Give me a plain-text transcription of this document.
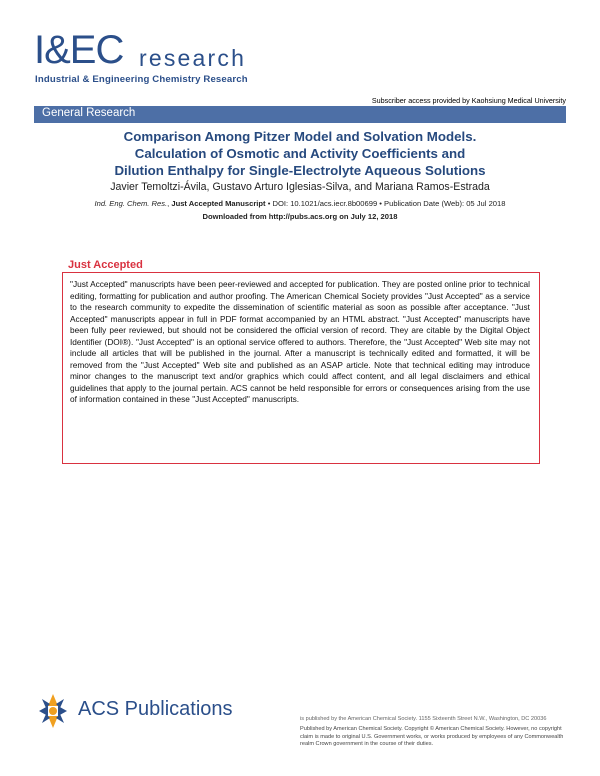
I&EC research
Industrial & Engineering Chemistry Research
Subscriber access provided by Kaohsiung Medical University
General Research
Comparison Among Pitzer Model and Solvation Models.
Calculation of Osmotic and Activity Coefficients and
Dilution Enthalpy for Single-Electrolyte Aqueous Solutions
Javier Temoltzi-Ávila, Gustavo Arturo Iglesias-Silva, and Mariana Ramos-Estrada
Ind. Eng. Chem. Res., Just Accepted Manuscript • DOI: 10.1021/acs.iecr.8b00699 • Publication Date (Web): 05 Jul 2018
Downloaded from http://pubs.acs.org on July 12, 2018
Just Accepted
"Just Accepted" manuscripts have been peer-reviewed and accepted for publication. They are posted online prior to technical editing, formatting for publication and author proofing. The American Chemical Society provides "Just Accepted" as a service to the research community to expedite the dissemination of scientific material as soon as possible after acceptance. "Just Accepted" manuscripts appear in full in PDF format accompanied by an HTML abstract. "Just Accepted" manuscripts have been fully peer reviewed, but should not be considered the official version of record. They are citable by the Digital Object Identifier (DOI®). "Just Accepted" is an optional service offered to authors. Therefore, the "Just Accepted" Web site may not include all articles that will be published in the journal. After a manuscript is technically edited and formatted, it will be removed from the "Just Accepted" Web site and published as an ASAP article. Note that technical editing may introduce minor changes to the manuscript text and/or graphics which could affect content, and all legal disclaimers and ethical guidelines that apply to the journal pertain. ACS cannot be held responsible for errors or consequences arising from the use of information contained in these "Just Accepted" manuscripts.
ACS Publications	is published by the American Chemical Society. 1155 Sixteenth Street N.W., Washington, DC 20036
Published by American Chemical Society. Copyright © American Chemical Society. However, no copyright claim is made to original U.S. Government works, or works produced by employees of any Commonwealth realm Crown government in the course of their duties.
